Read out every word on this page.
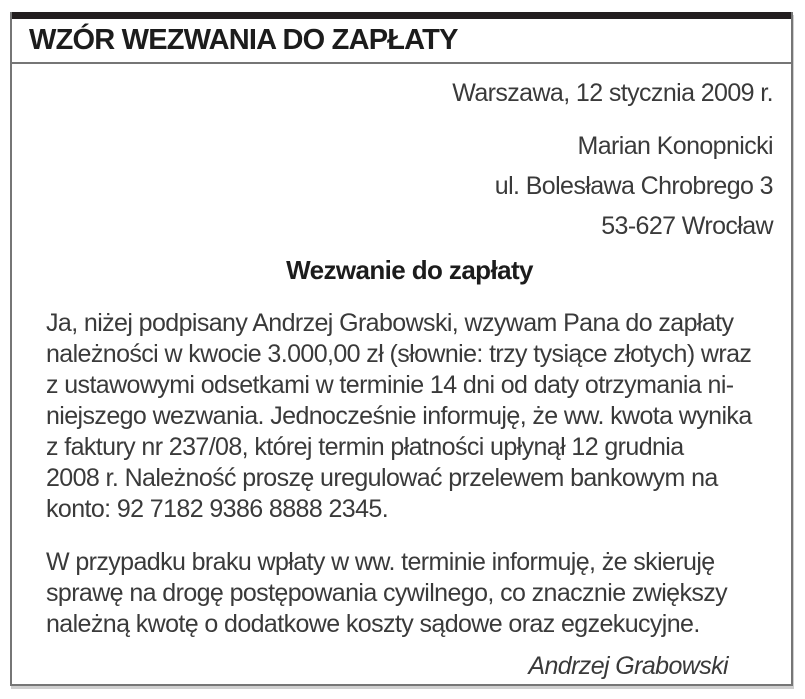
WZÓR WEZWANIA DO ZAPŁATY
Warszawa, 12 stycznia 2009 r.
Marian Konopnicki
ul. Bolesława Chrobrego 3
53-627 Wrocław
Wezwanie do zapłaty
Ja, niżej podpisany Andrzej Grabowski, wzywam Pana do zapłaty
należności w kwocie 3.000,00 zł (słownie: trzy tysiące złotych) wraz
z ustawowymi odsetkami w terminie 14 dni od daty otrzymania ni-
niejszego wezwania. Jednocześnie informuję, że ww. kwota wynika
z faktury nr 237/08, której termin płatności upłynął 12 grudnia
2008 r. Należność proszę uregulować przelewem bankowym na
konto: 92 7182 9386 8888 2345.
W przypadku braku wpłaty w ww. terminie informuję, że skieruję
sprawę na drogę postępowania cywilnego, co znacznie zwiększy
należną kwotę o dodatkowe koszty sądowe oraz egzekucyjne.
Andrzej Grabowski
